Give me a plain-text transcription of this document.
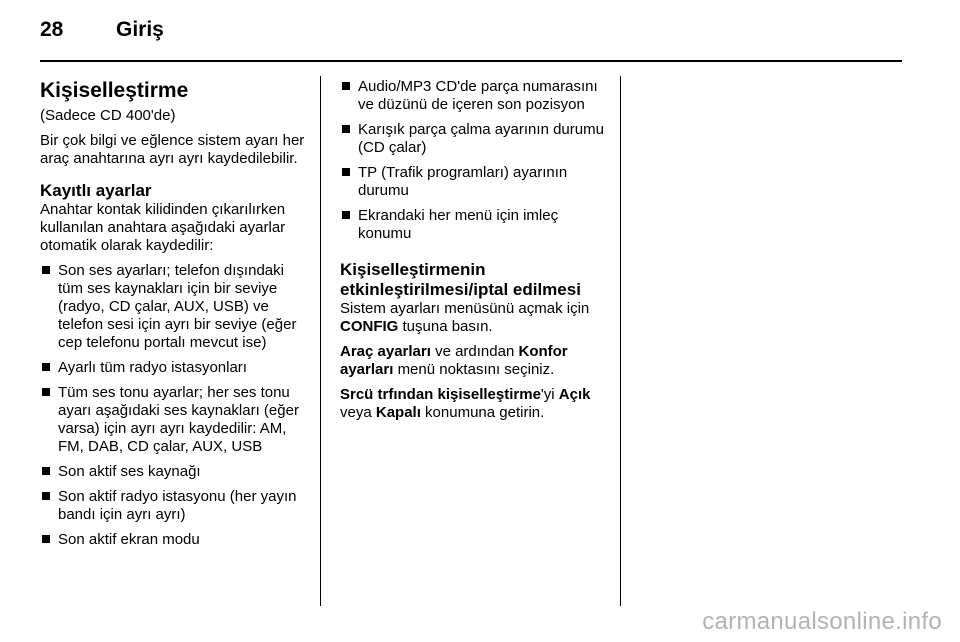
28	Giriş
Kişiselleştirme

(Sadece CD 400'de)

Bir çok bilgi ve eğlence sistem ayarı her araç anahtarına ayrı ayrı kaydedilebilir.

Kayıtlı ayarlar

Anahtar kontak kilidinden çıkarılırken kullanılan anahtara aşağıdaki ayarlar otomatik olarak kaydedilir:

Son ses ayarları; telefon dışındaki tüm ses kaynakları için bir seviye (radyo, CD çalar, AUX, USB) ve telefon sesi için ayrı bir seviye (eğer cep telefonu portalı mevcut ise)
Ayarlı tüm radyo istasyonları
Tüm ses tonu ayarlar; her ses tonu ayarı aşağıdaki ses kaynakları (eğer varsa) için ayrı ayrı kaydedilir: AM, FM, DAB, CD çalar, AUX, USB
Son aktif ses kaynağı
Son aktif radyo istasyonu (her yayın bandı için ayrı ayrı)
Son aktif ekran modu
Audio/MP3 CD'de parça numarasını ve düzünü de içeren son pozisyon
Karışık parça çalma ayarının durumu (CD çalar)
TP (Trafik programları) ayarının durumu
Ekrandaki her menü için imleç konumu
Kişiselleştirmenin
etkinleştirilmesi/iptal edilmesi

Sistem ayarları menüsünü açmak için CONFIG tuşuna basın.

Araç ayarları ve ardından Konfor ayarları menü noktasını seçiniz.

Srcü trfından kişiselleştirme'yi Açık veya Kapalı konumuna getirin.

carmanualsonline.info
